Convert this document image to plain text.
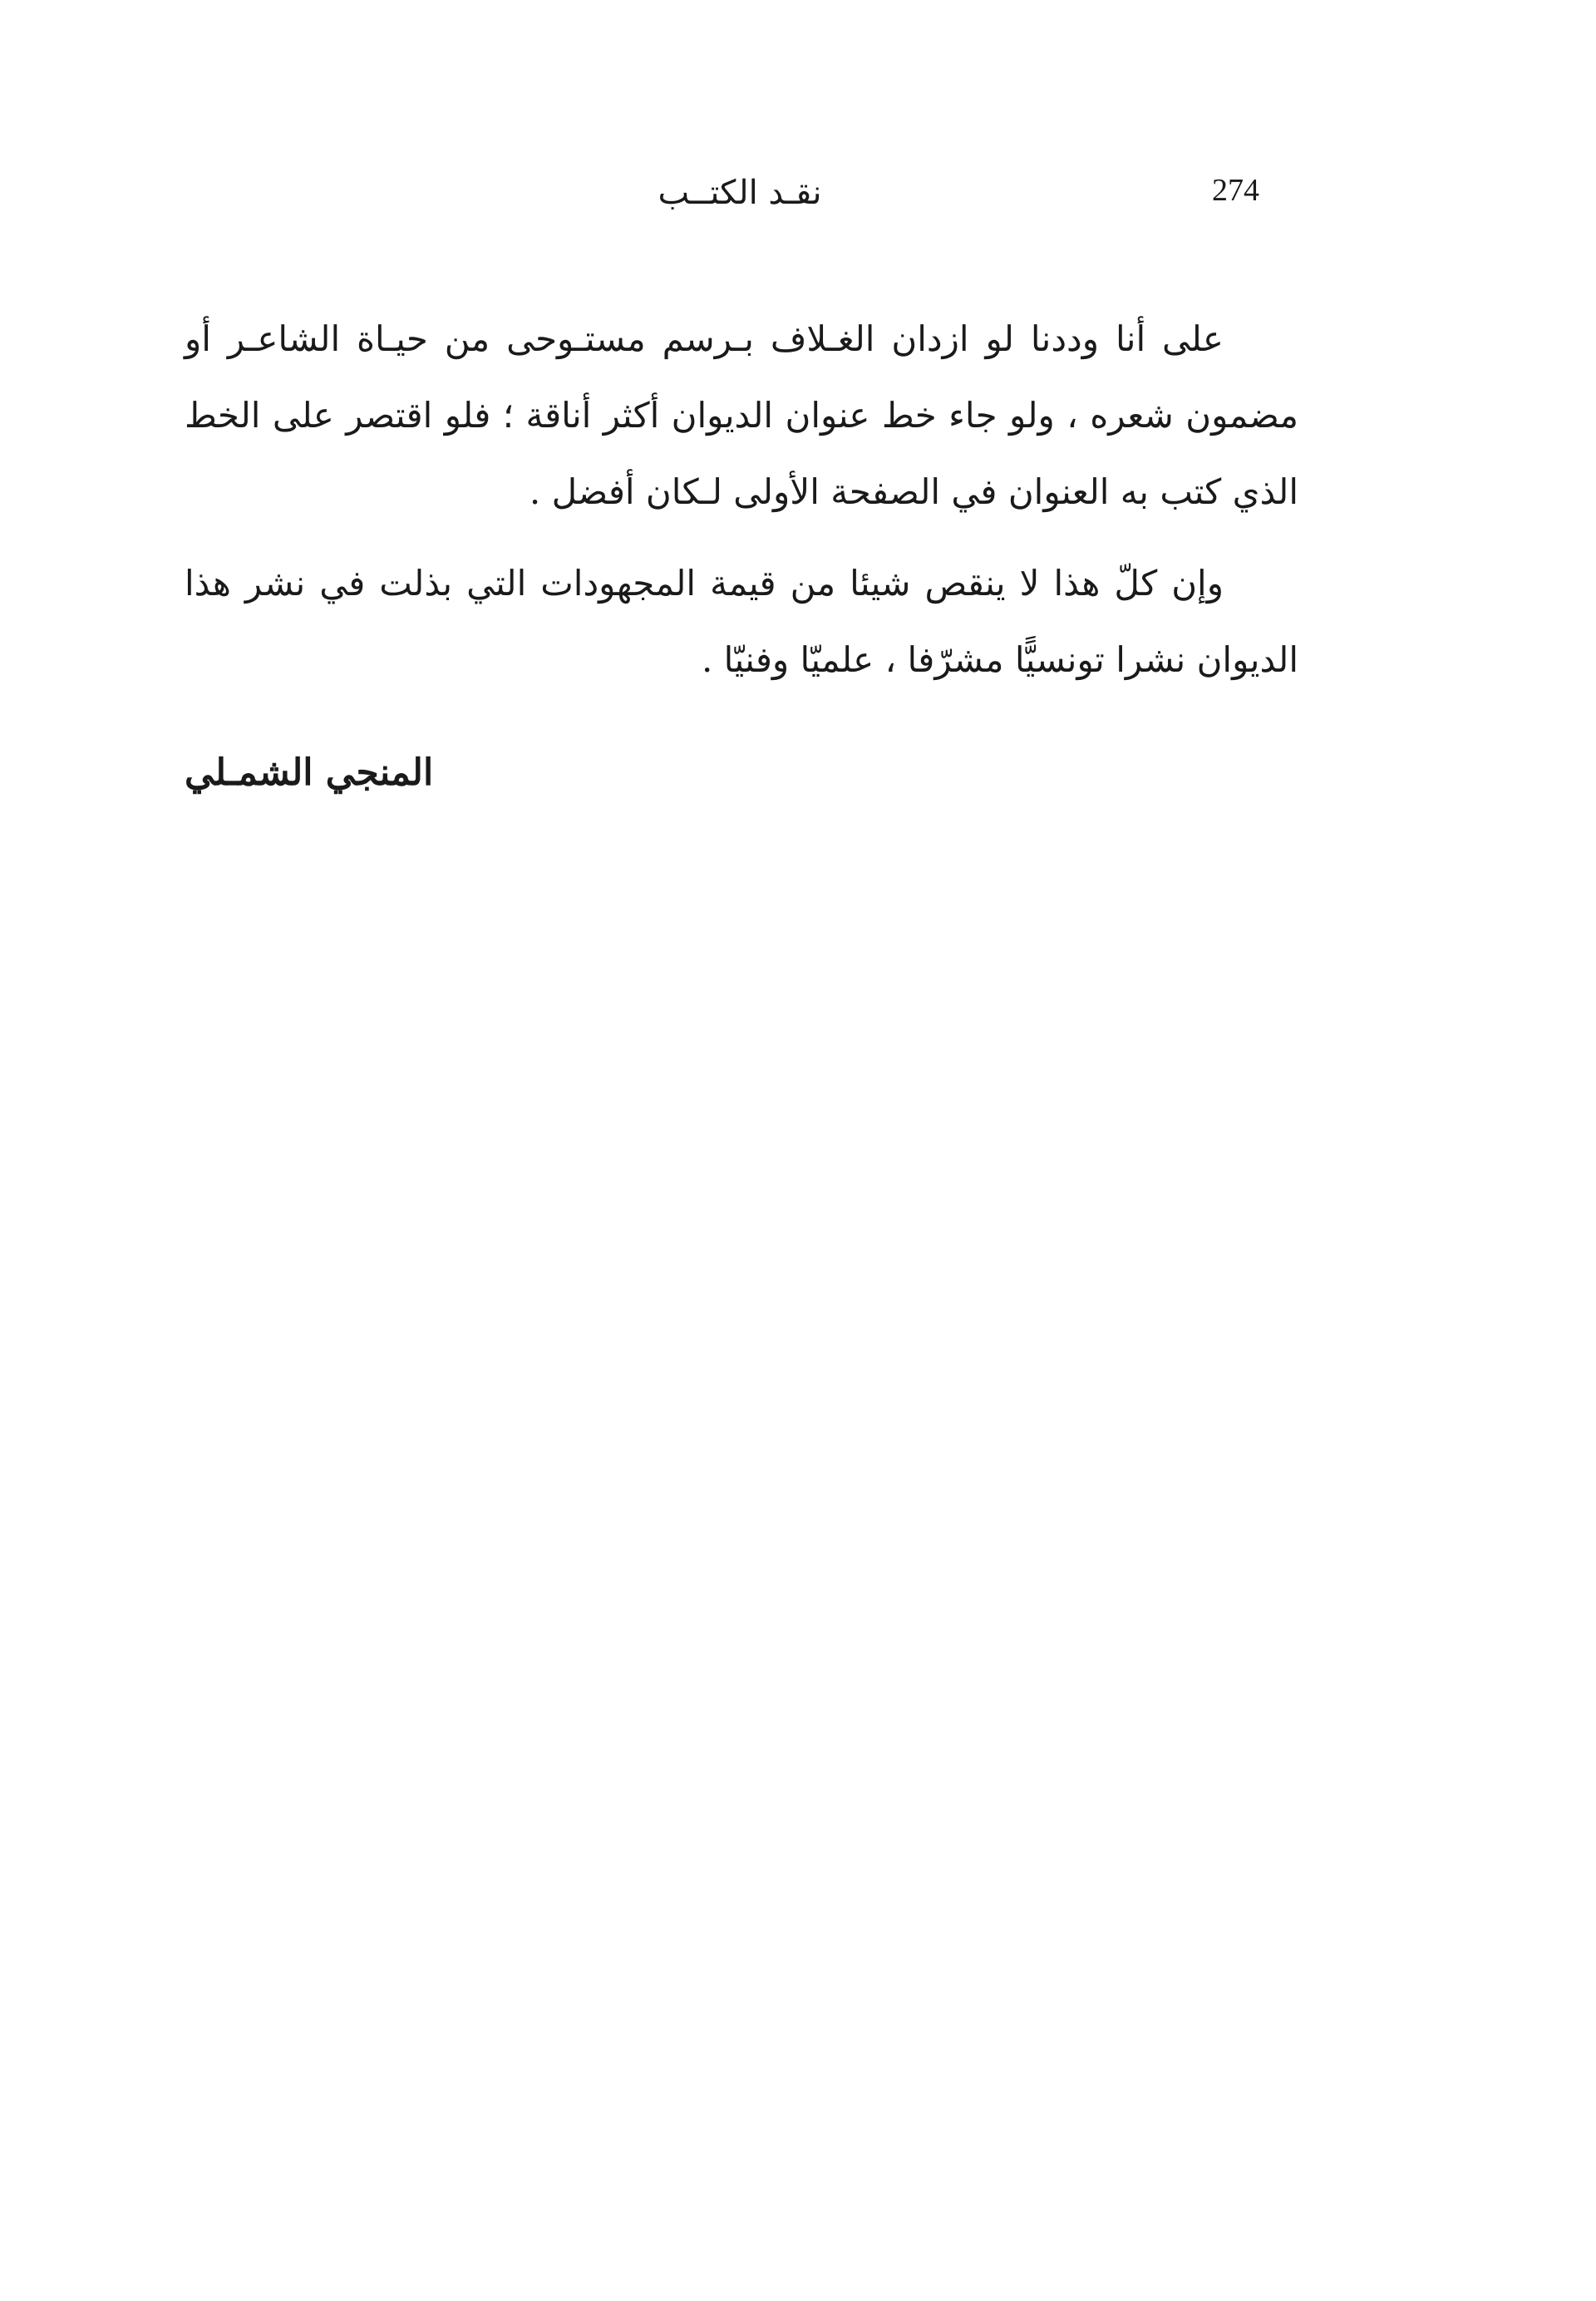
274
نقـد الكتــب

على أنا وددنا لو ازدان الغـلاف بـرسم مستـوحى من حيـاة الشاعـر أو مضمون شعره ، ولو جاء خط عنوان الديوان أكثر أناقة ؛ فلو اقتصر على الخط الذي كتب به العنوان في الصفحة الأولى لـكان أفضل .

وإن كلّ هذا لا ينقص شيئا من قيمة المجهودات التي بذلت في نشر هذا الديوان نشرا تونسيًّا مشرّفا ، علميّا وفنيّا .

المنجي الشمـلي
